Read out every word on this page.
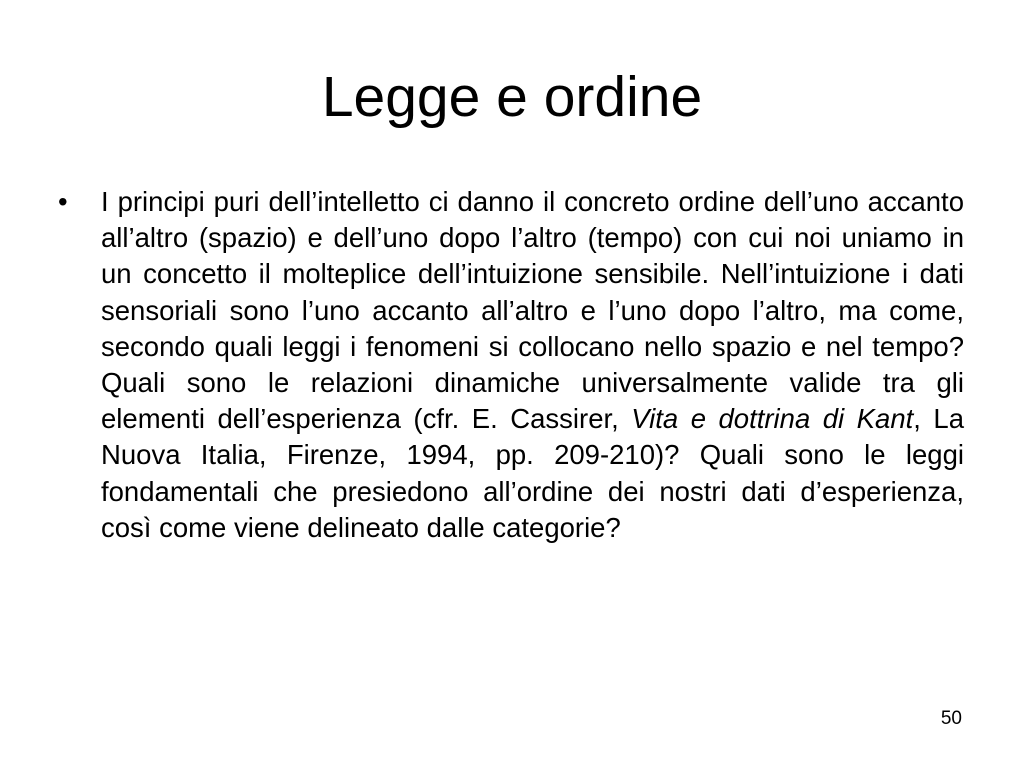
Legge e ordine
•	I principi puri dell’intelletto ci danno il concreto ordine dell’uno accanto all’altro (spazio) e dell’uno dopo l’altro (tempo) con cui noi uniamo in un concetto il molteplice dell’intuizione sensibile. Nell’intuizione i dati sensoriali sono l’uno accanto all’altro e l’uno dopo l’altro, ma come, secondo quali leggi i fenomeni si collocano nello spazio e nel tempo? Quali sono le relazioni dinamiche universalmente valide tra gli elementi dell’esperienza (cfr. E. Cassirer, Vita e dottrina di Kant, La Nuova Italia, Firenze, 1994, pp. 209-210)? Quali sono le leggi fondamentali che presiedono all’ordine dei nostri dati d’esperienza, così come viene delineato dalle categorie?
50
